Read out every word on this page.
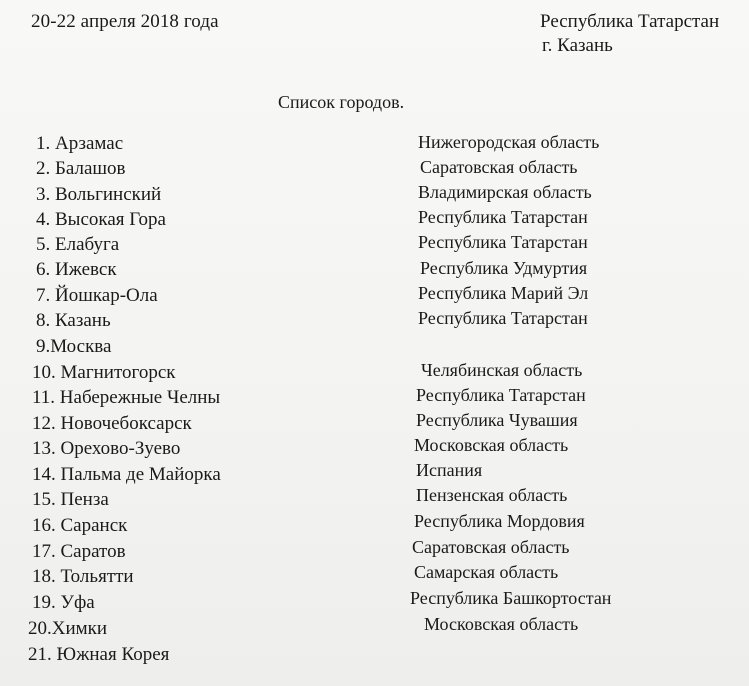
20-22 апреля 2018 года	Республика Татарстан
г. Казань
Список городов.
1. Арзамас	Нижегородская область
2. Балашов	Саратовская область
3. Вольгинский	Владимирская область
4. Высокая Гора	Республика Татарстан
5. Елабуга	Республика Татарстан
6. Ижевск	Республика Удмуртия
7. Йошкар-Ола	Республика Марий Эл
8. Казань	Республика Татарстан
9.Москва
10. Магнитогорск	Челябинская область
11. Набережные Челны	Республика Татарстан
12. Новочебоксарск	Республика Чувашия
13. Орехово-Зуево	Московская область
14. Пальма де Майорка	Испания
15. Пенза	Пензенская область
16. Саранск	Республика Мордовия
17. Саратов	Саратовская область
18. Тольятти	Самарская область
19. Уфа	Республика Башкортостан
20.Химки	Московская область
21. Южная Корея
